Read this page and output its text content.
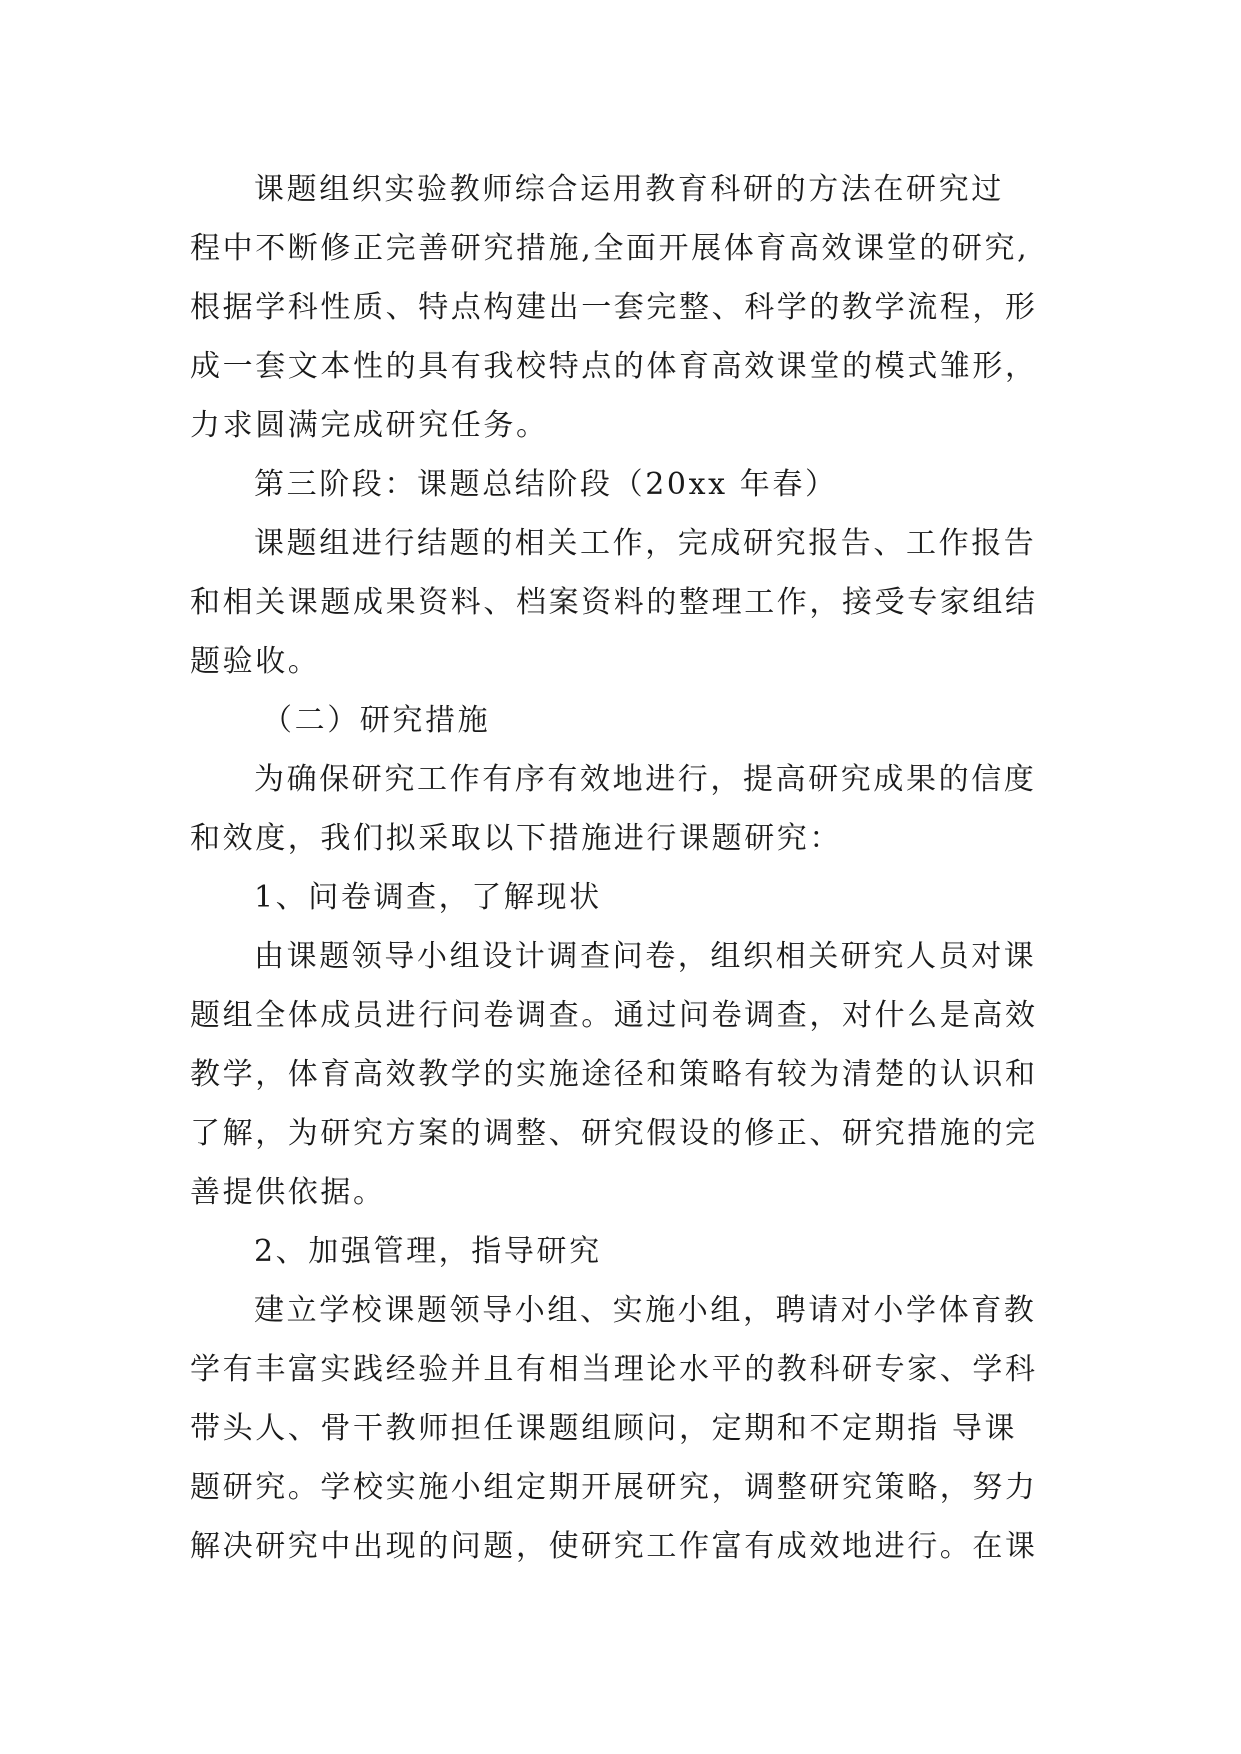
课题组织实验教师综合运用教育科研的方法在研究过
程中不断修正完善研究措施,全面开展体育高效课堂的研究,
根据学科性质、特点构建出一套完整、科学的教学流程，形
成一套文本性的具有我校特点的体育高效课堂的模式雏形，
力求圆满完成研究任务。
第三阶段：课题总结阶段（20xx 年春）
课题组进行结题的相关工作，完成研究报告、工作报告
和相关课题成果资料、档案资料的整理工作，接受专家组结
题验收。
（二）研究措施
为确保研究工作有序有效地进行，提高研究成果的信度
和效度，我们拟采取以下措施进行课题研究：
1、问卷调查，了解现状
由课题领导小组设计调查问卷，组织相关研究人员对课
题组全体成员进行问卷调查。通过问卷调查，对什么是高效
教学，体育高效教学的实施途径和策略有较为清楚的认识和
了解，为研究方案的调整、研究假设的修正、研究措施的完
善提供依据。
2、加强管理，指导研究
建立学校课题领导小组、实施小组，聘请对小学体育教
学有丰富实践经验并且有相当理论水平的教科研专家、学科
带头人、骨干教师担任课题组顾问，定期和不定期指 导课
题研究。学校实施小组定期开展研究，调整研究策略，努力
解决研究中出现的问题，使研究工作富有成效地进行。在课
